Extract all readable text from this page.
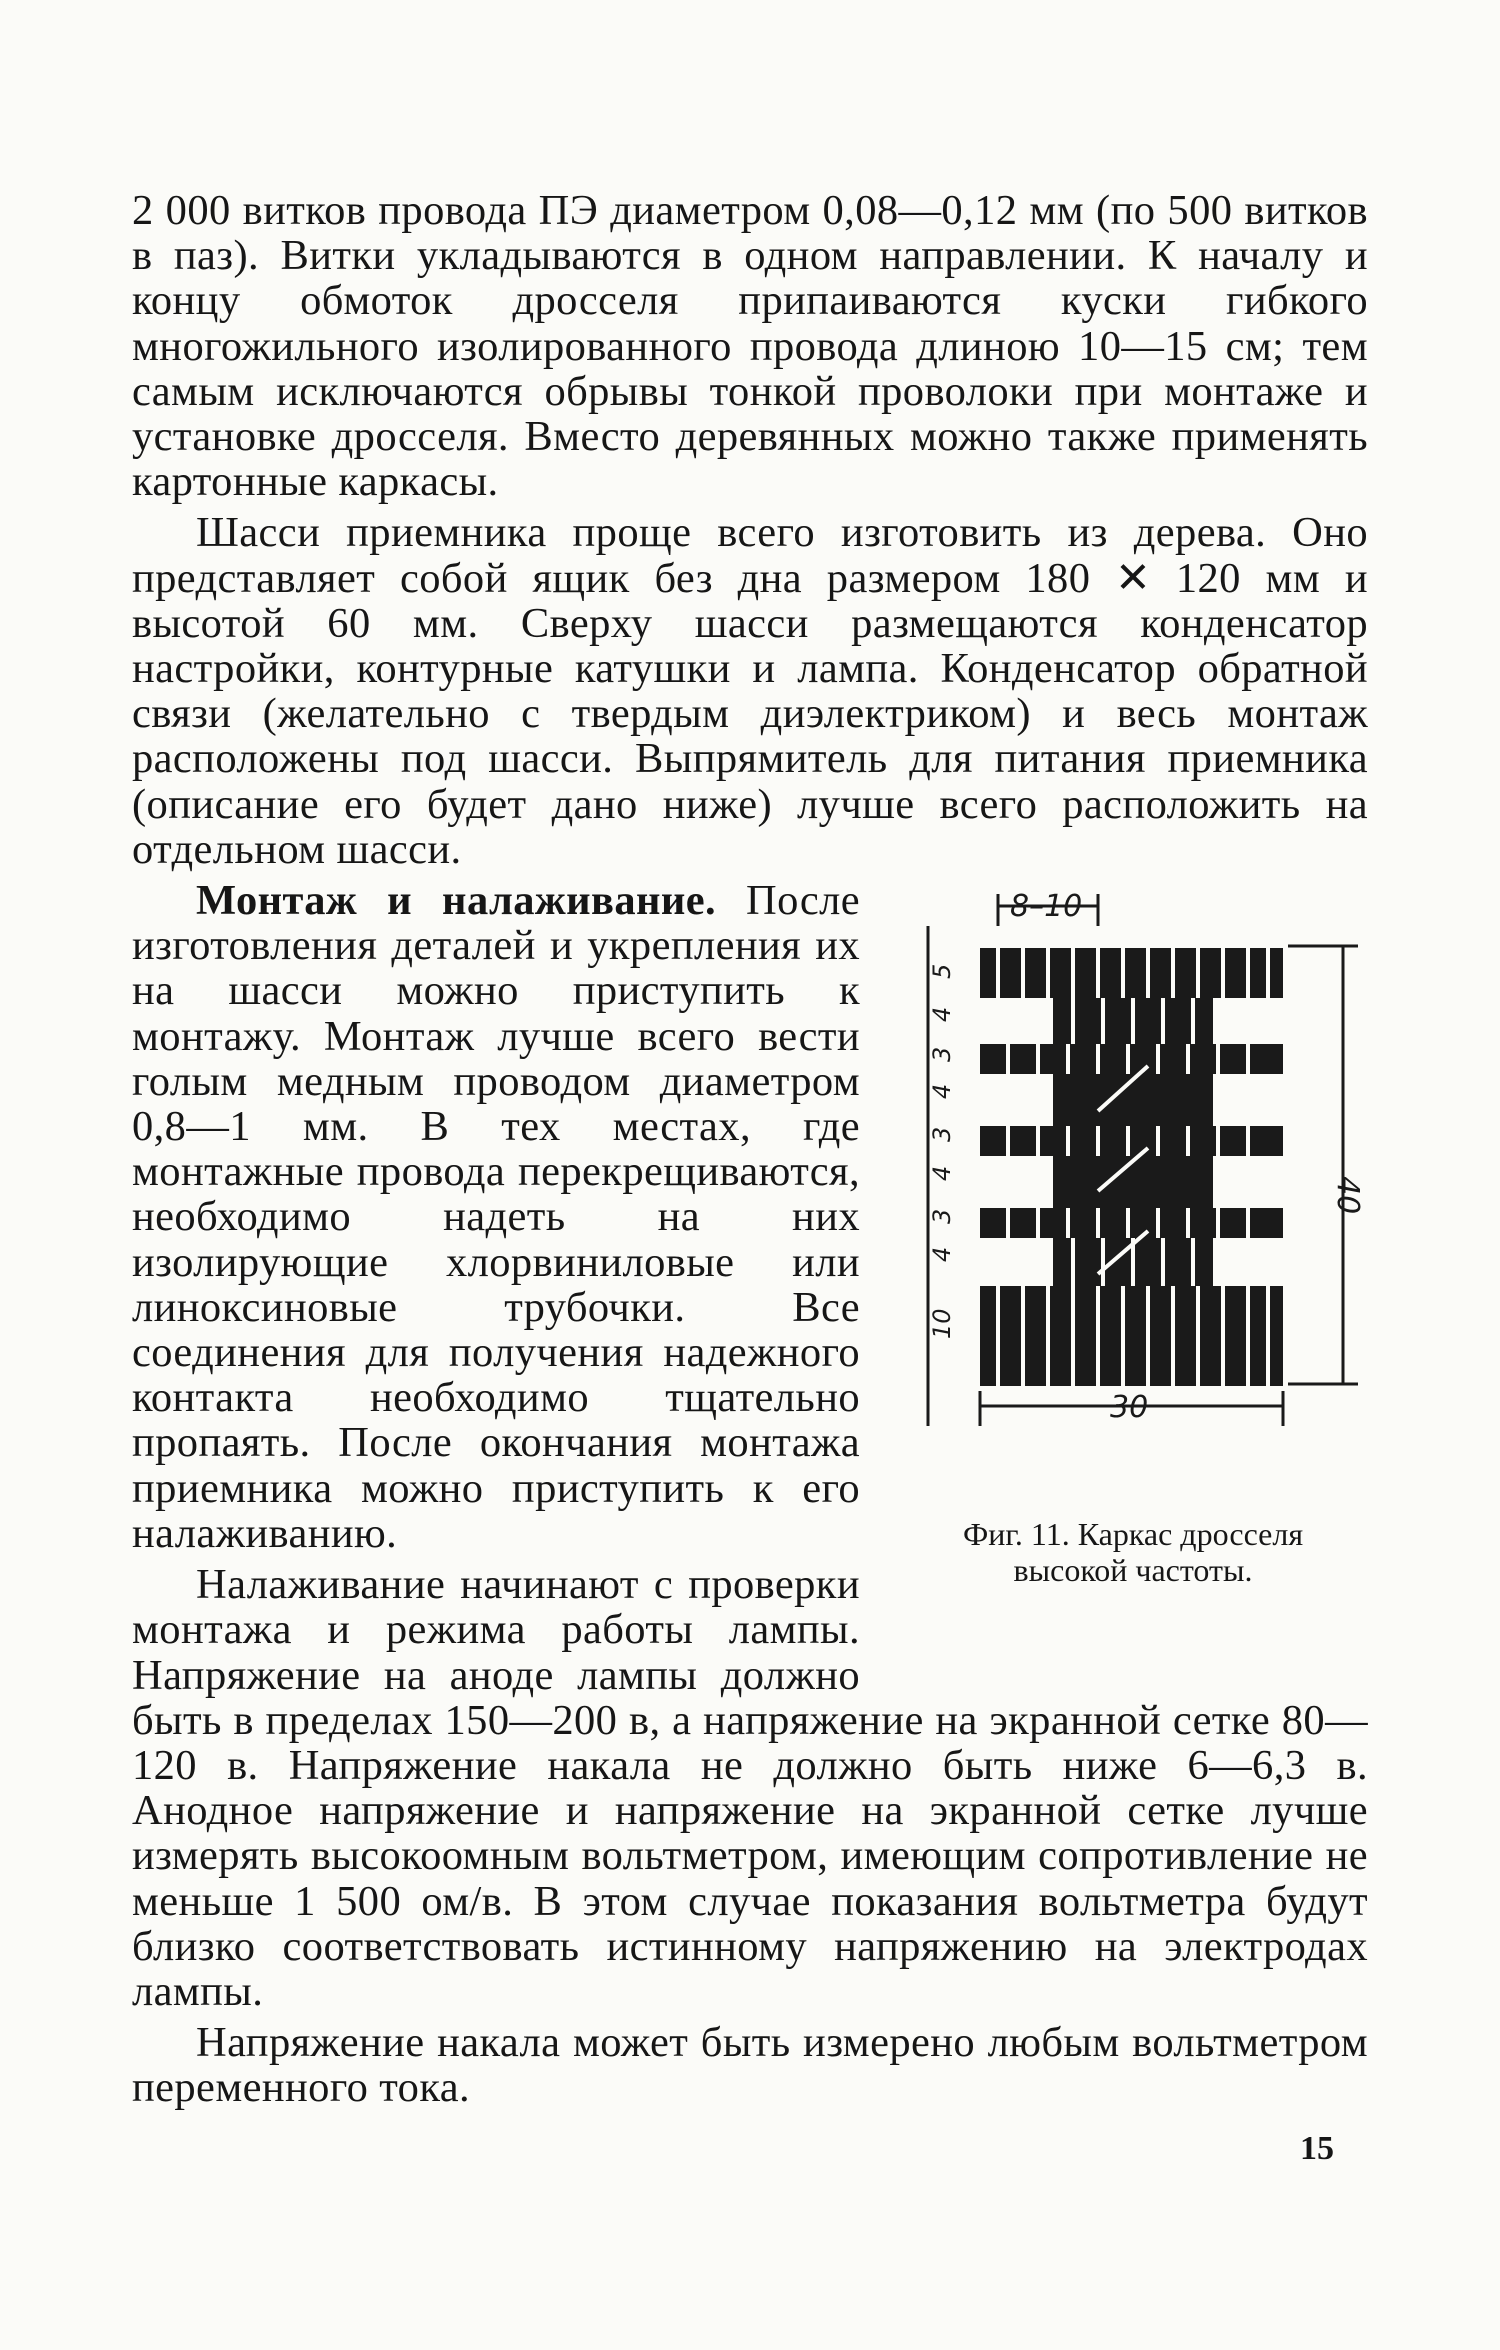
2 000 витков провода ПЭ диаметром 0,08—0,12 мм (по 500 витков в паз). Витки укладываются в одном направлении. К началу и концу обмоток дросселя припаиваются куски гибкого многожильного изолированного провода длиною 10—15 см; тем самым исключаются обрывы тонкой проволоки при монтаже и установке дросселя. Вместо деревянных можно также применять картонные каркасы.

Шасси приемника проще всего изготовить из дерева. Оно представляет собой ящик без дна размером 180 ✕ 120 мм и высотой 60 мм. Сверху шасси размещаются конденсатор настройки, контурные катушки и лампа. Конденсатор обратной связи (желательно с твердым диэлектриком) и весь монтаж расположены под шасси. Выпрямитель для питания приемника (описание его будет дано ниже) лучше всего расположить на отдельном шасси.

8–10
40
30
5
4
3
4
3
4
3
4
10
Фиг. 11. Каркас дросселя
высокой частоты.

Монтаж и налаживание. После изготовления деталей и укрепления их на шасси можно приступить к монтажу. Монтаж лучше всего вести голым медным проводом диаметром 0,8—1 мм. В тех местах, где монтажные провода перекрещиваются, необходимо надеть на них изолирующие хлорвиниловые или линоксиновые трубочки. Все соединения для получения надежного контакта необходимо тщательно пропаять. После окончания монтажа приемника можно приступить к его налаживанию.

Налаживание начинают с проверки монтажа и режима работы лампы. Напряжение на аноде лампы должно быть в пределах 150—200 в, а напряжение на экранной сетке 80—120 в. Напряжение накала не должно быть ниже 6—6,3 в. Анодное напряжение и напряжение на экранной сетке лучше измерять высокоомным вольтметром, имеющим сопротивление не меньше 1 500 ом/в. В этом случае показания вольтметра будут близко соответствовать истинному напряжению на электродах лампы.

Напряжение накала может быть измерено любым вольтметром переменного тока.

15
